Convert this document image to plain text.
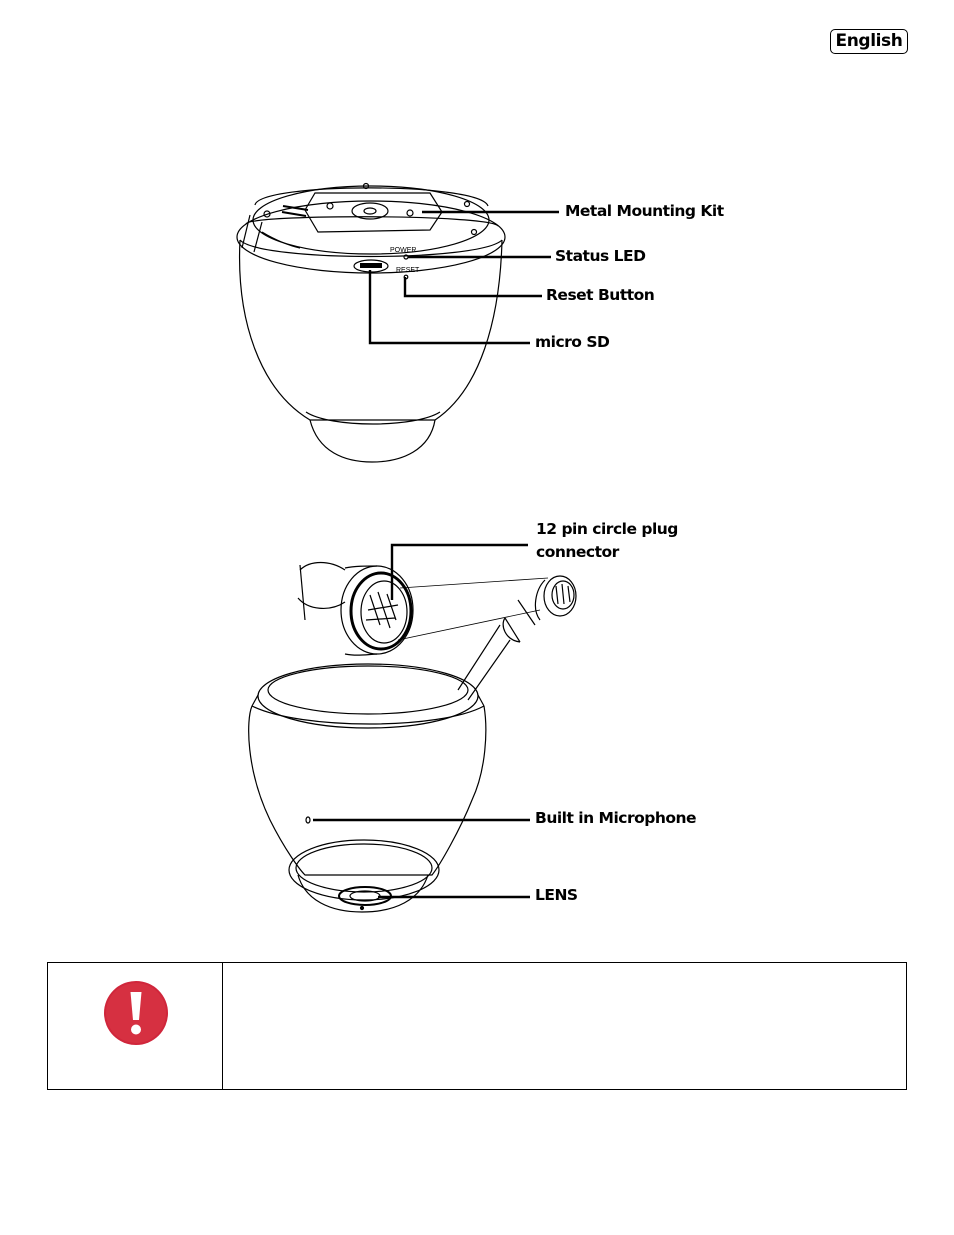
English
POWER
RESET
Metal Mounting Kit
Status LED
Reset Button
micro SD
12 pin circle plug
connector
Built in Microphone
LENS
